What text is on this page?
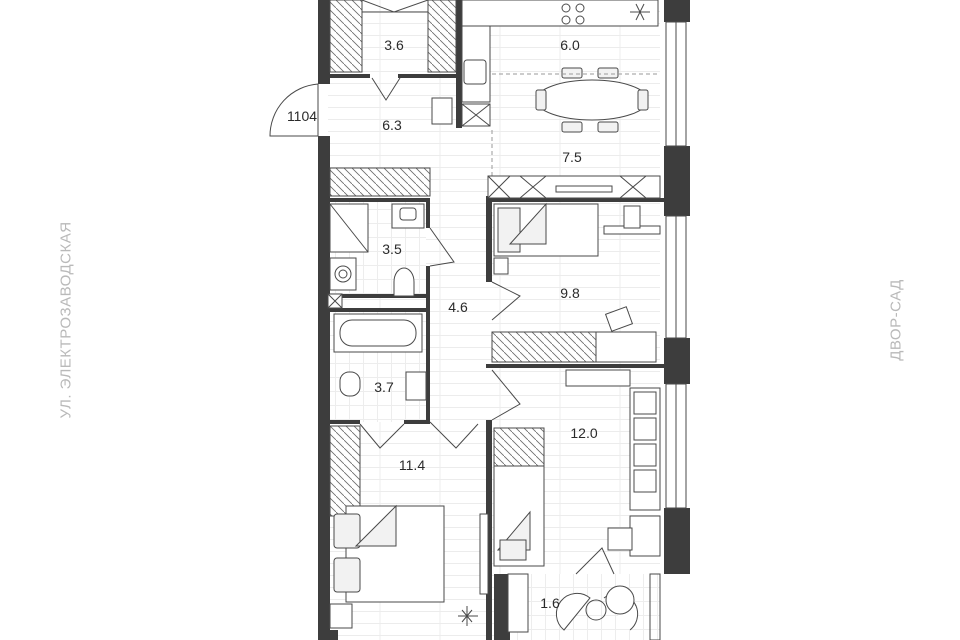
УЛ. ЭЛЕКТРОЗАВОДСКАЯ	ДВОР-САД
1104
3.6	6.0
6.3
7.5
3.5
4.6
9.8
3.7
12.0
11.4
1.6
